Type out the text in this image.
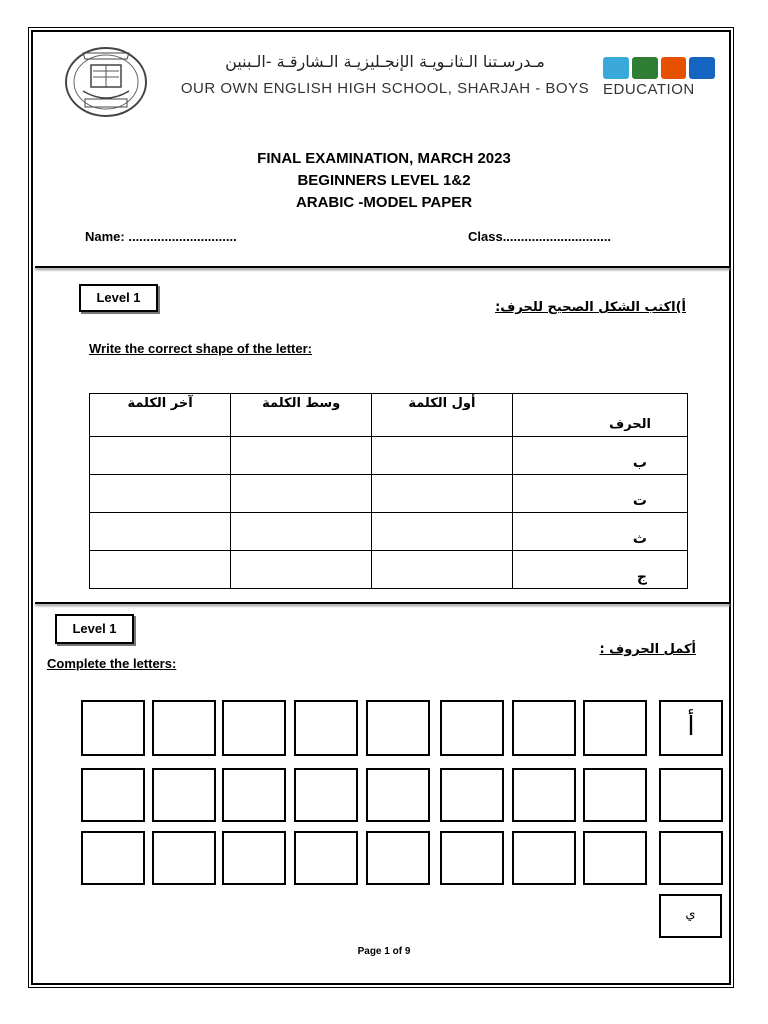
مـدرسـتنا الـثانـويـة الإنجـليزيـة الـشارقـة -الـبنين
OUR OWN ENGLISH HIGH SCHOOL, SHARJAH - BOYS EDUCATION
FINAL EXAMINATION, MARCH 2023
BEGINNERS LEVEL 1&2
ARABIC -MODEL PAPER
Name: ..............................	Class..............................
Level 1
أ)اكتب الشكل الصحيح للحرف:
Write the correct shape of the letter:
آخر الكلمة	وسط الكلمة	أول الكلمة	الحرف
			ب
			ت
			ث
			ج
Level 1
Complete the letters:
أكمل الحروف :
أ
ي
Page 1 of 9
